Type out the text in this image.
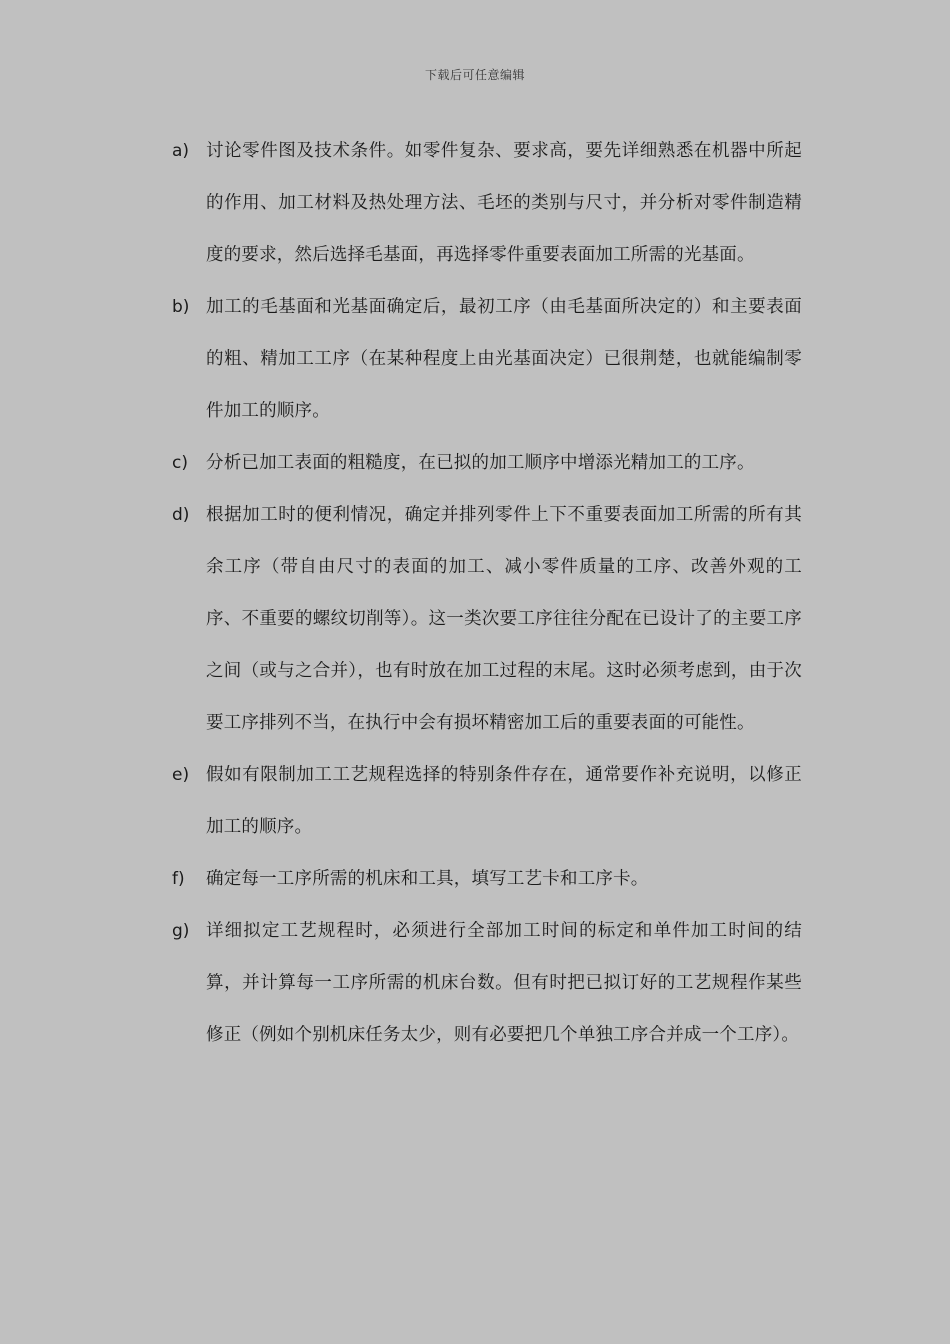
下载后可任意编辑
a) 讨论零件图及技术条件。如零件复杂、要求高，要先详细熟悉在机器中所起的作用、加工材料及热处理方法、毛坯的类别与尺寸，并分析对零件制造精度的要求，然后选择毛基面，再选择零件重要表面加工所需的光基面。

b) 加工的毛基面和光基面确定后，最初工序（由毛基面所决定的）和主要表面的粗、精加工工序（在某种程度上由光基面决定）已很荆楚，也就能编制零件加工的顺序。

c)	分析已加工表面的粗糙度，在已拟的加工顺序中增添光精加工的工序。

d) 根据加工时的便利情况，确定并排列零件上下不重要表面加工所需的所有其余工序（带自由尺寸的表面的加工、减小零件质量的工序、改善外观的工序、不重要的螺纹切削等）。这一类次要工序往往分配在已设计了的主要工序之间（或与之合并），也有时放在加工过程的末尾。这时必须考虑到，由于次要工序排列不当，在执行中会有损坏精密加工后的重要表面的可能性。

e) 假如有限制加工工艺规程选择的特别条件存在，通常要作补充说明，以修正加工的顺序。

f)	确定每一工序所需的机床和工具，填写工艺卡和工序卡。

g) 详细拟定工艺规程时，必须进行全部加工时间的标定和单件加工时间的结算，并计算每一工序所需的机床台数。但有时把已拟订好的工艺规程作某些修正（例如个别机床任务太少，则有必要把几个单独工序合并成一个工序）。
